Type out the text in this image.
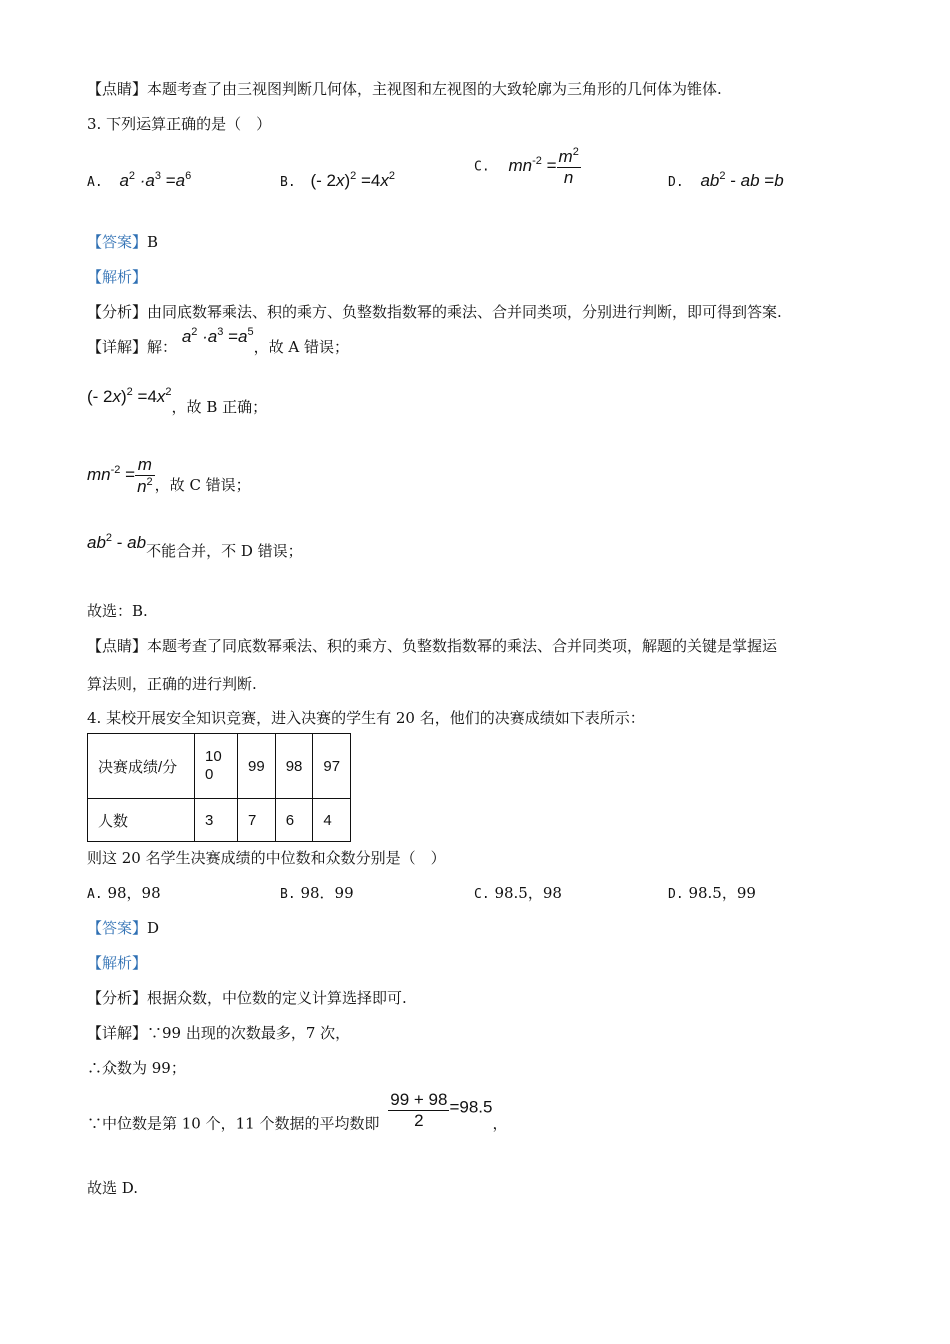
【点睛】本题考查了由三视图判断几何体，主视图和左视图的大致轮廓为三角形的几何体为锥体.
3. 下列运算正确的是（　）
A. $a^2 \cdot a^3 =a^6$	B. (- $2x)^2 =4x^2$
C. $mn^{-2} = \frac{m^2}{n}$	D. $ab^2$ - ab =b
【答案】B
【解析】
【分析】由同底数幂乘法、积的乘方、负整数指数幂的乘法、合并同类项，分别进行判断，即可得到答案.
【详解】解： $a^2 \cdot a^3 =a^5$，故 A 错误；
(- $2x)^2 =4x^2$，故 B 正确；
$mn^{-2} = \frac{m}{n^2}$ ，故 C 错误；
$ab^2$ - ab不能合并，不 D 错误；
故选：B.
【点睛】本题考查了同底数幂乘法、积的乘方、负整数指数幂的乘法、合并同类项，解题的关键是掌握运
算法则，正确的进行判断.
4. 某校开展安全知识竞赛，进入决赛的学生有 20 名，他们的决赛成绩如下表所示：
决赛成绩/分	100	99	98	97
人数	3	7	6	4
则这 20 名学生决赛成绩的中位数和众数分别是（　）
A. 98，98	B. 98．99	C. 98.5，98	D. 98.5，99
【答案】D
【解析】
【分析】根据众数，中位数的定义计算选择即可.
【详解】∵99 出现的次数最多，7 次，
∴众数为 99；
∵中位数是第 10 个，11 个数据的平均数即 $\frac{99 + 98}{2} =98.5$，
故选 D.
